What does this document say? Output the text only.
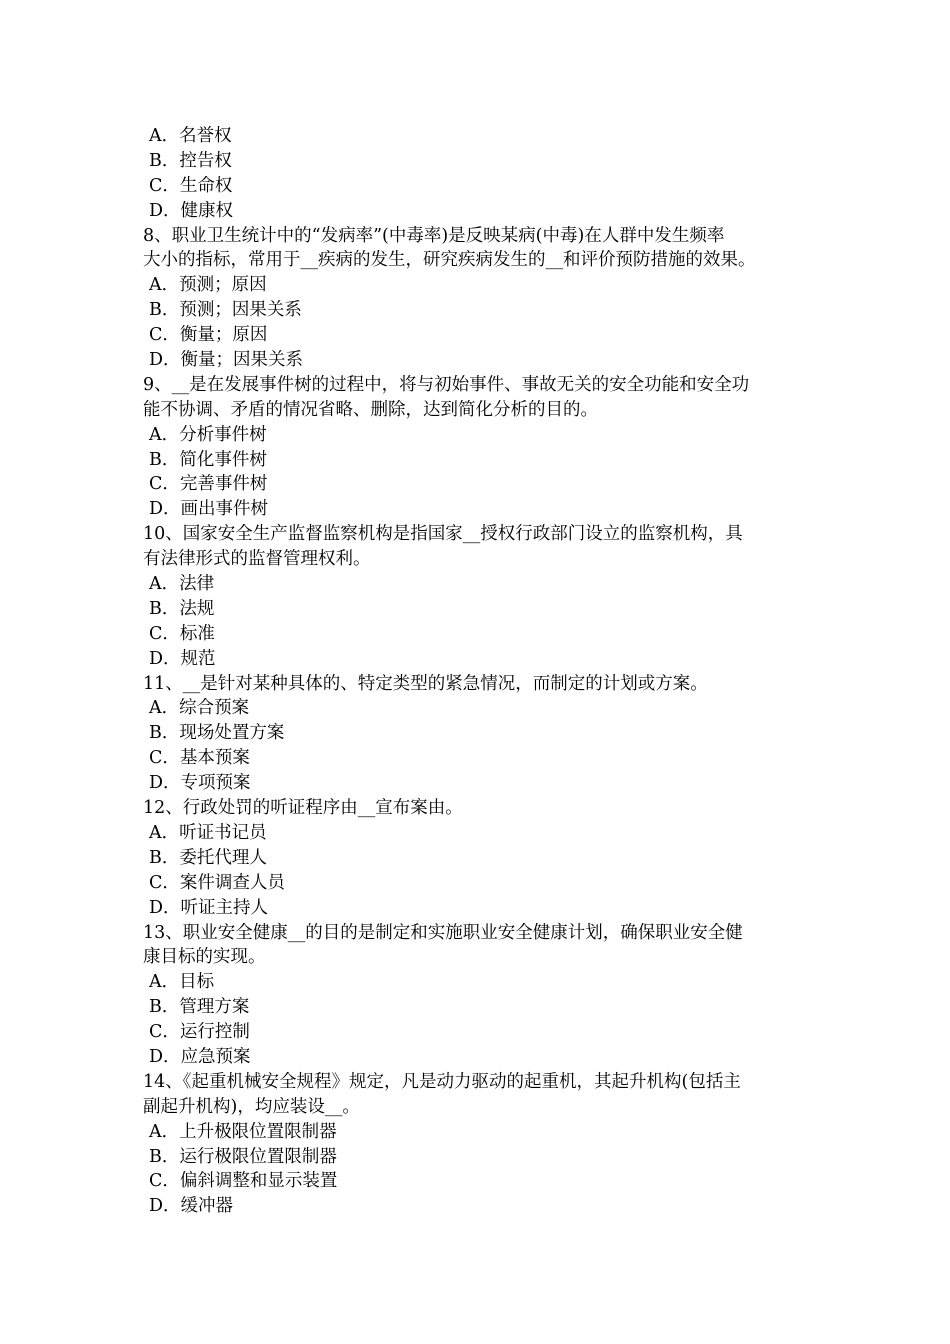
A．名誉权
B．控告权
C．生命权
D．健康权
8、职业卫生统计中的“发病率”(中毒率)是反映某病(中毒)在人群中发生频率
大小的指标，常用于__疾病的发生，研究疾病发生的__和评价预防措施的效果。
A．预测；原因
B．预测；因果关系
C．衡量；原因
D．衡量；因果关系
9、__是在发展事件树的过程中，将与初始事件、事故无关的安全功能和安全功
能不协调、矛盾的情况省略、删除，达到简化分析的目的。
A．分析事件树
B．简化事件树
C．完善事件树
D．画出事件树
10、国家安全生产监督监察机构是指国家__授权行政部门设立的监察机构，具
有法律形式的监督管理权利。
A．法律
B．法规
C．标准
D．规范
11、__是针对某种具体的、特定类型的紧急情况，而制定的计划或方案。
A．综合预案
B．现场处置方案
C．基本预案
D．专项预案
12、行政处罚的听证程序由__宣布案由。
A．听证书记员
B．委托代理人
C．案件调查人员
D．听证主持人
13、职业安全健康__的目的是制定和实施职业安全健康计划，确保职业安全健
康目标的实现。
A．目标
B．管理方案
C．运行控制
D．应急预案
14、《起重机械安全规程》规定，凡是动力驱动的起重机，其起升机构(包括主
副起升机构)，均应装设__。
A．上升极限位置限制器
B．运行极限位置限制器
C．偏斜调整和显示装置
D．缓冲器
